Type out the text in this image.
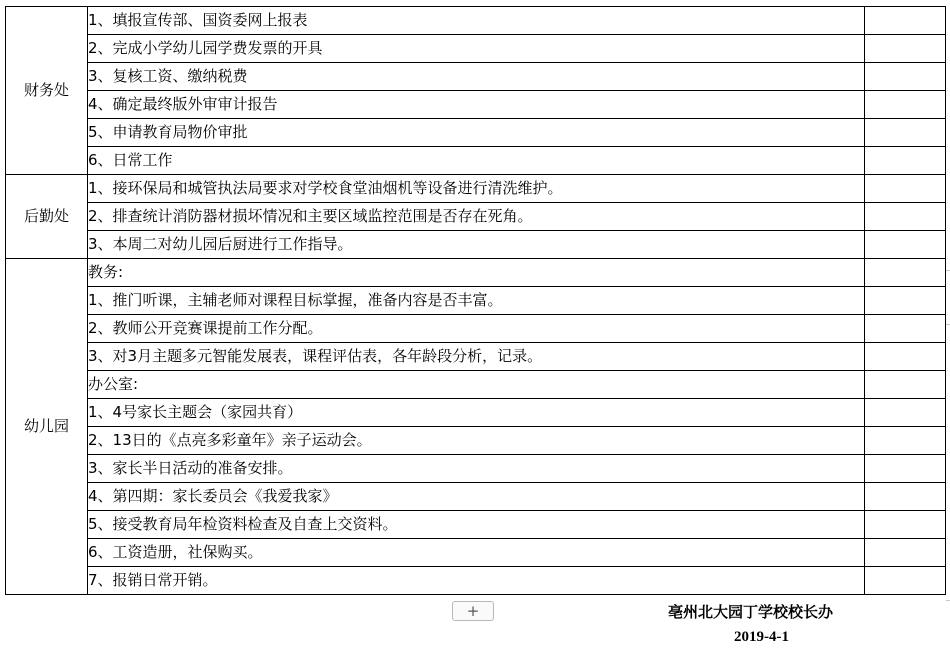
财务处	1、填报宣传部、国资委网上报表	
	2、完成小学幼儿园学费发票的开具	
	3、复核工资、缴纳税费	
	4、确定最终版外审审计报告	
	5、申请教育局物价审批	
	6、日常工作	
后勤处	1、接环保局和城管执法局要求对学校食堂油烟机等设备进行清洗维护。	
	2、排查统计消防器材损坏情况和主要区域监控范围是否存在死角。	
	3、本周二对幼儿园后厨进行工作指导。	
幼儿园	教务:	
	1、推门听课，主辅老师对课程目标掌握，准备内容是否丰富。	
	2、教师公开竞赛课提前工作分配。	
	3、对3月主题多元智能发展表，课程评估表，各年龄段分析，记录。	
	办公室:	
	1、4号家长主题会（家园共育）	
	2、13日的《点亮多彩童年》亲子运动会。	
	3、家长半日活动的准备安排。	
	4、第四期：家长委员会《我爱我家》	
	5、接受教育局年检资料检查及自查上交资料。	
	6、工资造册，社保购买。	
	7、报销日常开销。	
+	亳州北大园丁学校校长办
2019-4-1
